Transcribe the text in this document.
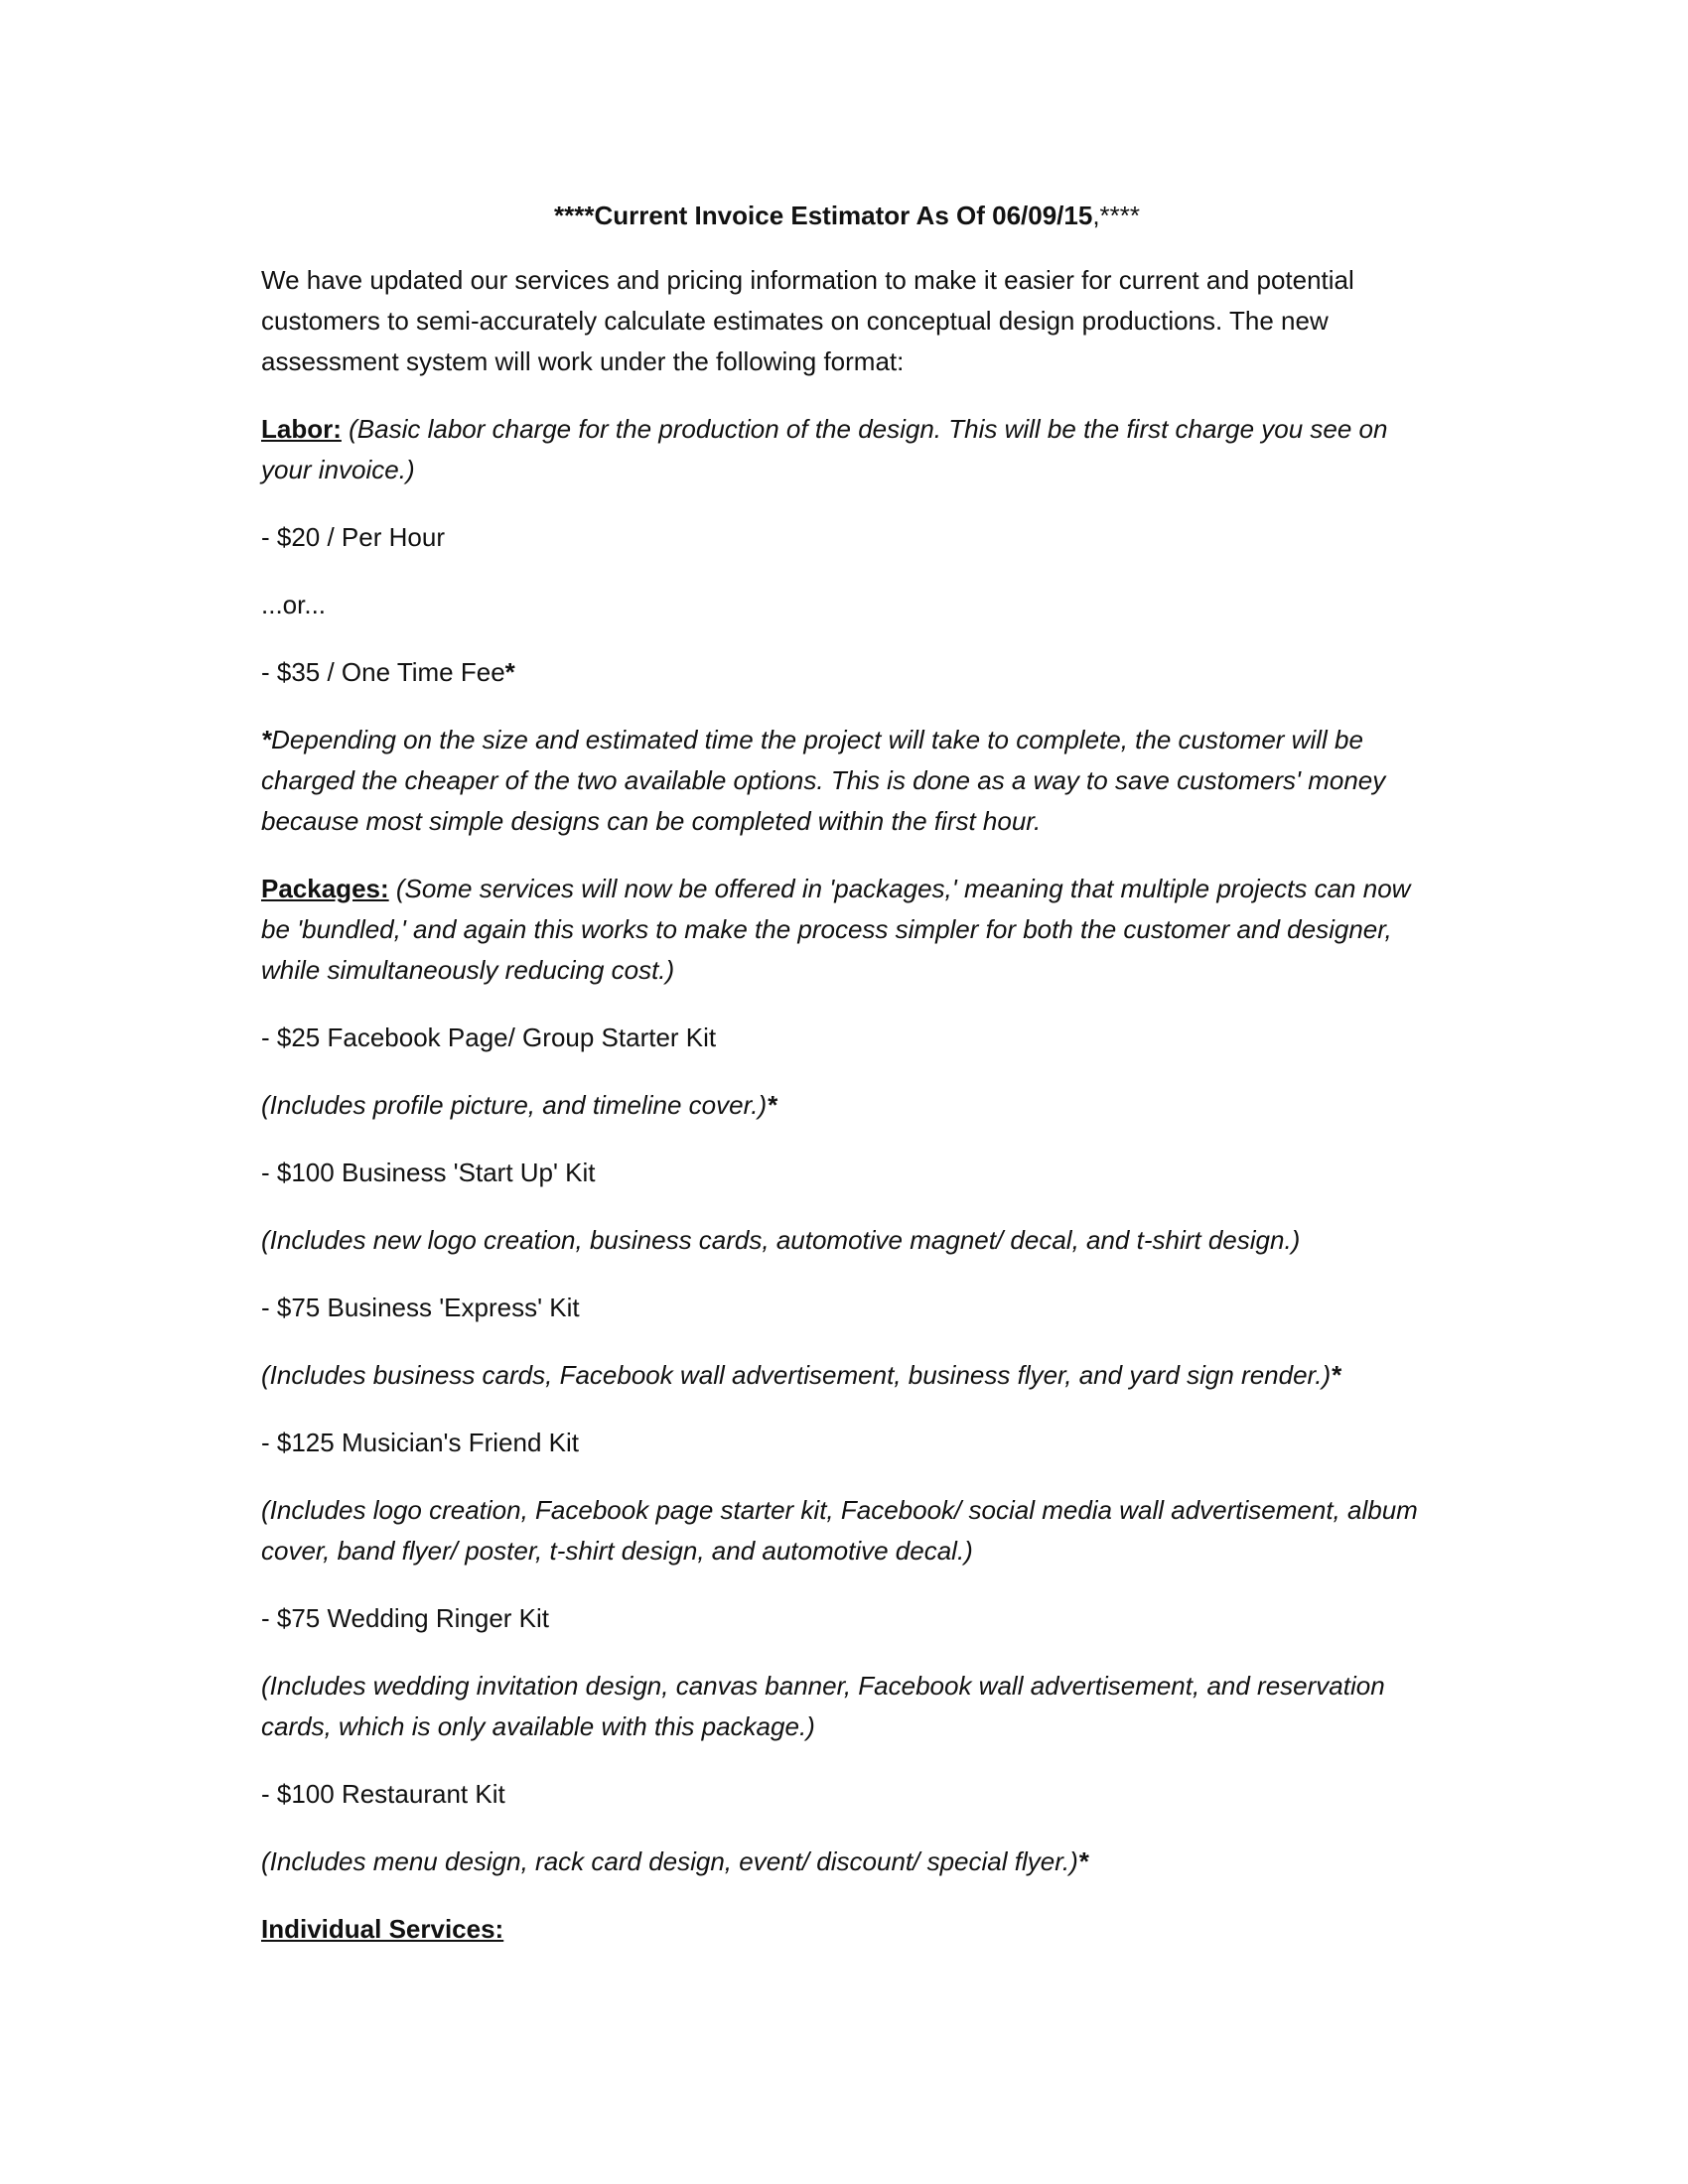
****Current Invoice Estimator As Of 06/09/15,****

We have updated our services and pricing information to make it easier for current and potential customers to semi-accurately calculate estimates on conceptual design productions. The new assessment system will work under the following format:

Labor: (Basic labor charge for the production of the design. This will be the first charge you see on your invoice.)

- $20 / Per Hour

...or...

- $35 / One Time Fee*

*Depending on the size and estimated time the project will take to complete, the customer will be charged the cheaper of the two available options. This is done as a way to save customers' money because most simple designs can be completed within the first hour.

Packages: (Some services will now be offered in 'packages,' meaning that multiple projects can now be 'bundled,' and again this works to make the process simpler for both the customer and designer, while simultaneously reducing cost.)

- $25 Facebook Page/ Group Starter Kit

(Includes profile picture, and timeline cover.)*

- $100 Business 'Start Up' Kit

(Includes new logo creation, business cards, automotive magnet/ decal, and t-shirt design.)

- $75 Business 'Express' Kit

(Includes business cards, Facebook wall advertisement, business flyer, and yard sign render.)*

- $125 Musician's Friend Kit

(Includes logo creation, Facebook page starter kit, Facebook/ social media wall advertisement, album cover, band flyer/ poster, t-shirt design, and automotive decal.)

- $75 Wedding Ringer Kit

(Includes wedding invitation design, canvas banner, Facebook wall advertisement, and reservation cards, which is only available with this package.)

- $100 Restaurant Kit

(Includes menu design, rack card design, event/ discount/ special flyer.)*

Individual Services:
